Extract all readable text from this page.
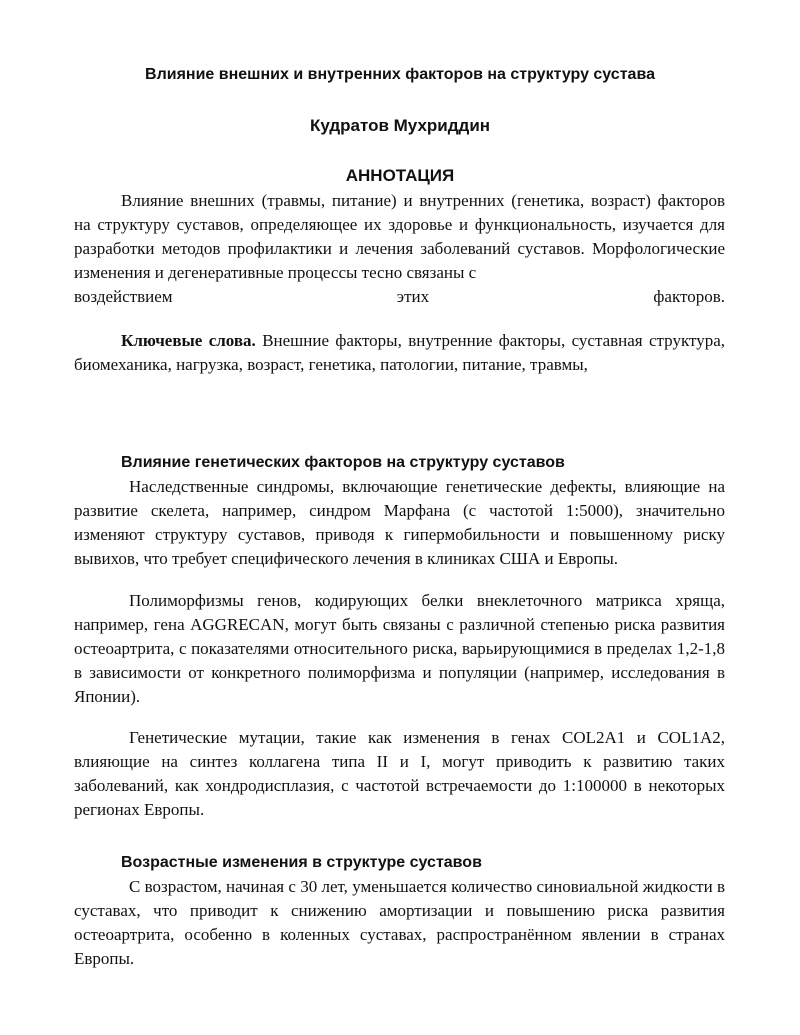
Влияние внешних и внутренних факторов на структуру сустава
Кудратов Мухриддин
АННОТАЦИЯ

Влияние внешних (травмы, питание) и внутренних (генетика, возраст) факторов на структуру суставов, определяющее их здоровье и функциональность, изучается для разработки методов профилактики и лечения заболеваний суставов. Морфологические изменения и дегенеративные процессы тесно связаны с

воздействием этих факторов.

Ключевые слова. Внешние факторы, внутренние факторы, суставная структура, биомеханика, нагрузка, возраст, генетика, патологии, питание, травмы,

Влияние генетических факторов на структуру суставов

Наследственные синдромы, включающие генетические дефекты, влияющие на развитие скелета, например, синдром Марфана (с частотой 1:5000), значительно изменяют структуру суставов, приводя к гипермобильности и повышенному риску вывихов, что требует специфического лечения в клиниках США и Европы.

Полиморфизмы генов, кодирующих белки внеклеточного матрикса хряща, например, гена AGGRECAN, могут быть связаны с различной степенью риска развития остеоартрита, с показателями относительного риска, варьирующимися в пределах 1,2-1,8 в зависимости от конкретного полиморфизма и популяции (например, исследования в Японии).

Генетические мутации, такие как изменения в генах COL2A1 и COL1A2, влияющие на синтез коллагена типа II и I, могут приводить к развитию таких заболеваний, как хондродисплазия, с частотой встречаемости до 1:100000 в некоторых регионах Европы.

Возрастные изменения в структуре суставов

С возрастом, начиная с 30 лет, уменьшается количество синовиальной жидкости в суставах, что приводит к снижению амортизации и повышению риска развития остеоартрита, особенно в коленных суставах, распространённом явлении в странах Европы.
